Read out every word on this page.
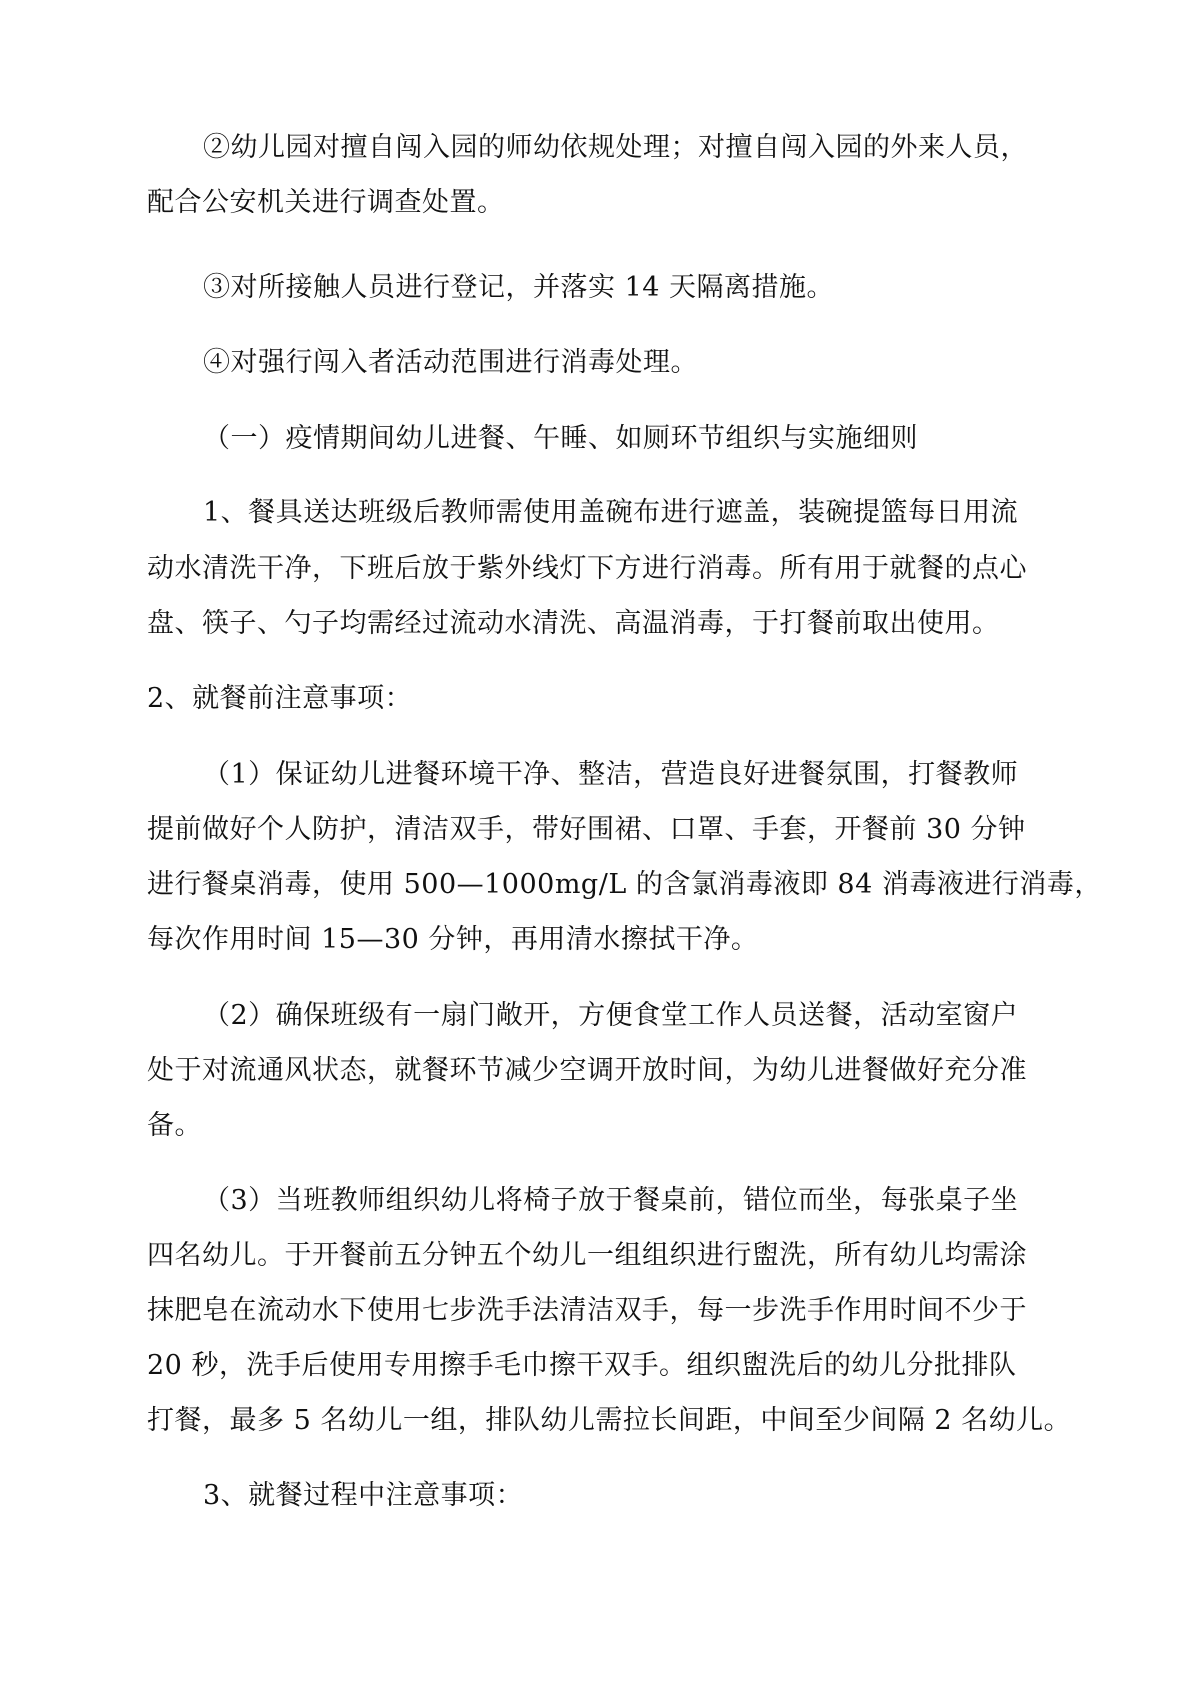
②幼儿园对擅自闯入园的师幼依规处理；对擅自闯入园的外来人员，
配合公安机关进行调查处置。
③对所接触人员进行登记，并落实 14 天隔离措施。
④对强行闯入者活动范围进行消毒处理。
（一）疫情期间幼儿进餐、午睡、如厕环节组织与实施细则
1、餐具送达班级后教师需使用盖碗布进行遮盖，装碗提篮每日用流
动水清洗干净，下班后放于紫外线灯下方进行消毒。所有用于就餐的点心
盘、筷子、勺子均需经过流动水清洗、高温消毒，于打餐前取出使用。
2、就餐前注意事项：
（1）保证幼儿进餐环境干净、整洁，营造良好进餐氛围，打餐教师
提前做好个人防护，清洁双手，带好围裙、口罩、手套，开餐前 30 分钟
进行餐桌消毒，使用 500—1000mg/L 的含氯消毒液即 84 消毒液进行消毒，
每次作用时间 15—30 分钟，再用清水擦拭干净。
（2）确保班级有一扇门敞开，方便食堂工作人员送餐，活动室窗户
处于对流通风状态，就餐环节减少空调开放时间，为幼儿进餐做好充分准
备。
（3）当班教师组织幼儿将椅子放于餐桌前，错位而坐，每张桌子坐
四名幼儿。于开餐前五分钟五个幼儿一组组织进行盥洗，所有幼儿均需涂
抹肥皂在流动水下使用七步洗手法清洁双手，每一步洗手作用时间不少于
20 秒，洗手后使用专用擦手毛巾擦干双手。组织盥洗后的幼儿分批排队
打餐，最多 5 名幼儿一组，排队幼儿需拉长间距，中间至少间隔 2 名幼儿。
3、就餐过程中注意事项：
